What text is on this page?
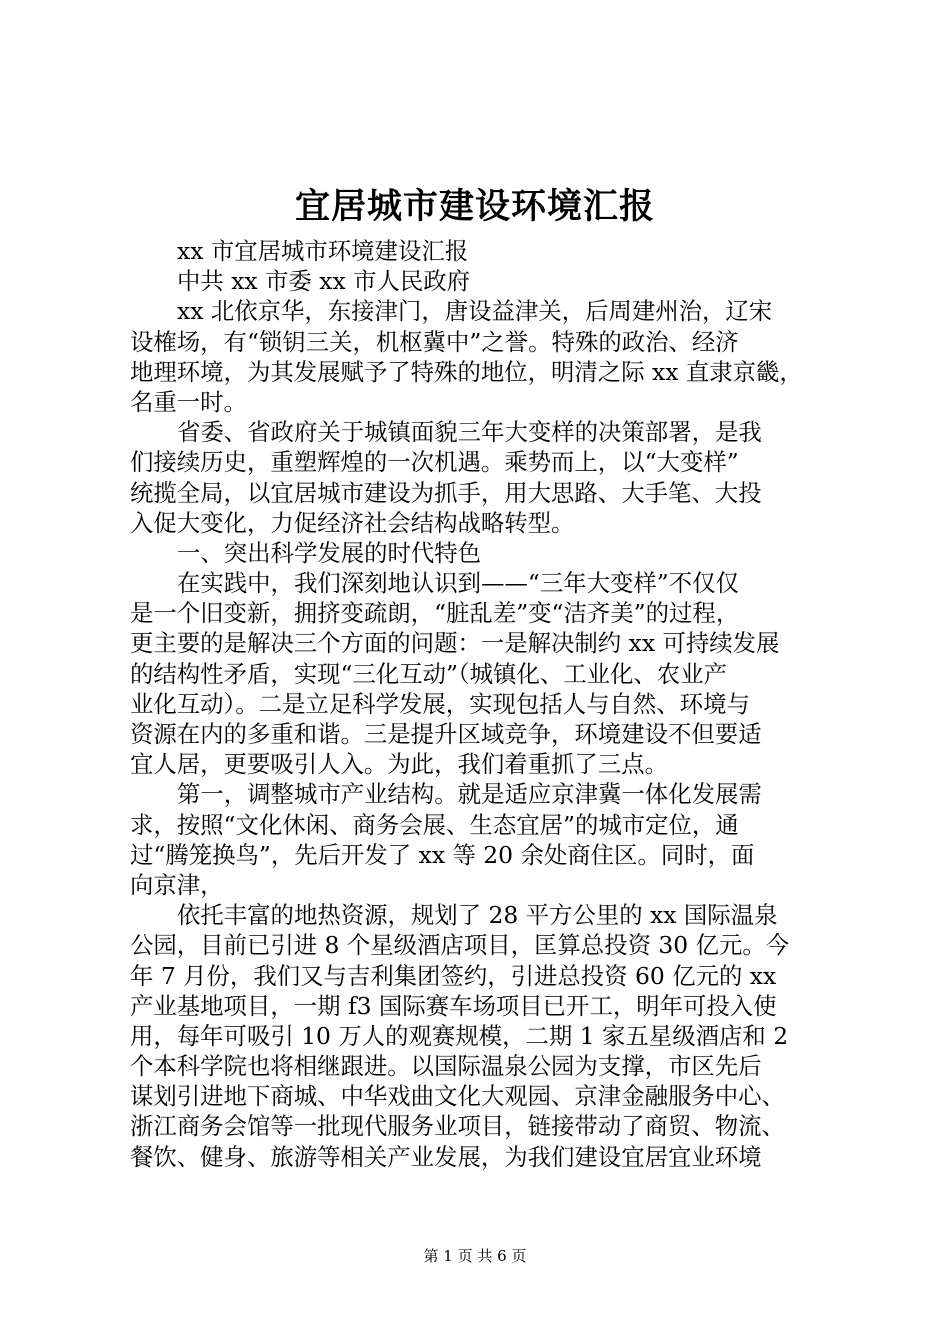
宜居城市建设环境汇报
xx 市宜居城市环境建设汇报
中共 xx 市委 xx 市人民政府
xx 北依京华，东接津门，唐设益津关，后周建州治，辽宋
设榷场，有“锁钥三关，机枢冀中”之誉。特殊的政治、经济
地理环境，为其发展赋予了特殊的地位，明清之际 xx 直隶京畿，
名重一时。
省委、省政府关于城镇面貌三年大变样的决策部署，是我
们接续历史，重塑辉煌的一次机遇。乘势而上，以“大变样”
统揽全局，以宜居城市建设为抓手，用大思路、大手笔、大投
入促大变化，力促经济社会结构战略转型。
一、突出科学发展的时代特色
在实践中，我们深刻地认识到——“三年大变样”不仅仅
是一个旧变新，拥挤变疏朗，“脏乱差”变“洁齐美”的过程，
更主要的是解决三个方面的问题：一是解决制约 xx 可持续发展
的结构性矛盾，实现“三化互动”（城镇化、工业化、农业产
业化互动）。二是立足科学发展，实现包括人与自然、环境与
资源在内的多重和谐。三是提升区域竞争，环境建设不但要适
宜人居，更要吸引人入。为此，我们着重抓了三点。
第一，调整城市产业结构。就是适应京津冀一体化发展需
求，按照“文化休闲、商务会展、生态宜居”的城市定位，通
过“腾笼换鸟”，先后开发了 xx 等 20 余处商住区。同时，面
向京津，
依托丰富的地热资源，规划了 28 平方公里的 xx 国际温泉
公园，目前已引进 8 个星级酒店项目，匡算总投资 30 亿元。今
年 7 月份，我们又与吉利集团签约，引进总投资 60 亿元的 xx
产业基地项目，一期 f3 国际赛车场项目已开工，明年可投入使
用，每年可吸引 10 万人的观赛规模，二期 1 家五星级酒店和 2
个本科学院也将相继跟进。以国际温泉公园为支撑，市区先后
谋划引进地下商城、中华戏曲文化大观园、京津金融服务中心、
浙江商务会馆等一批现代服务业项目，链接带动了商贸、物流、
餐饮、健身、旅游等相关产业发展，为我们建设宜居宜业环境
第 1 页 共 6 页
